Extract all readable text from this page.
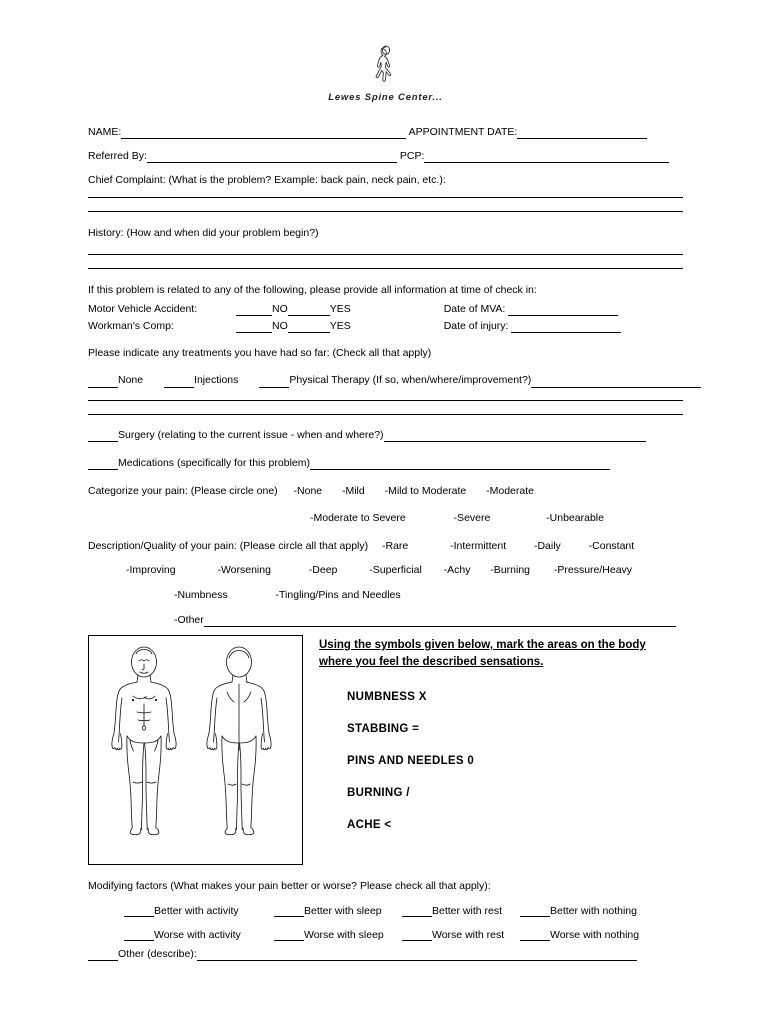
Lewes Spine Center...
NAME:	APPOINTMENT DATE:
Referred By:	PCP:
Chief Complaint: (What is the problem? Example: back pain, neck pain, etc.):
History: (How and when did your problem begin?)
If this problem is related to any of the following, please provide all information at time of check in:
Motor Vehicle Accident:	NO	YES	Date of MVA:
Workman's Comp:	NO	YES	Date of injury:
Please indicate any treatments you have had so far: (Check all that apply)
None	Injections	Physical Therapy (If so, when/where/improvement?)
Surgery (relating to the current issue - when and where?)
Medications (specifically for this problem)
Categorize your pain: (Please circle one) -None -Mild -Mild to Moderate -Moderate
-Moderate to Severe	-Severe	-Unbearable
Description/Quality of your pain: (Please circle all that apply) -Rare	-Intermittent	-Daily	-Constant
-Improving	-Worsening	-Deep	-Superficial -Achy -Burning -Pressure/Heavy
-Numbness	-Tingling/Pins and Needles
-Other
Using the symbols given below, mark the areas on the body
where you feel the described sensations.
NUMBNESS X
STABBING =
PINS AND NEEDLES 0
BURNING /
ACHE <
Modifying factors (What makes your pain better or worse? Please check all that apply):
Better with activity	Better with sleep	Better with rest	Better with nothing
Worse with activity	Worse with sleep	Worse with rest	Worse with nothing
Other (describe):
